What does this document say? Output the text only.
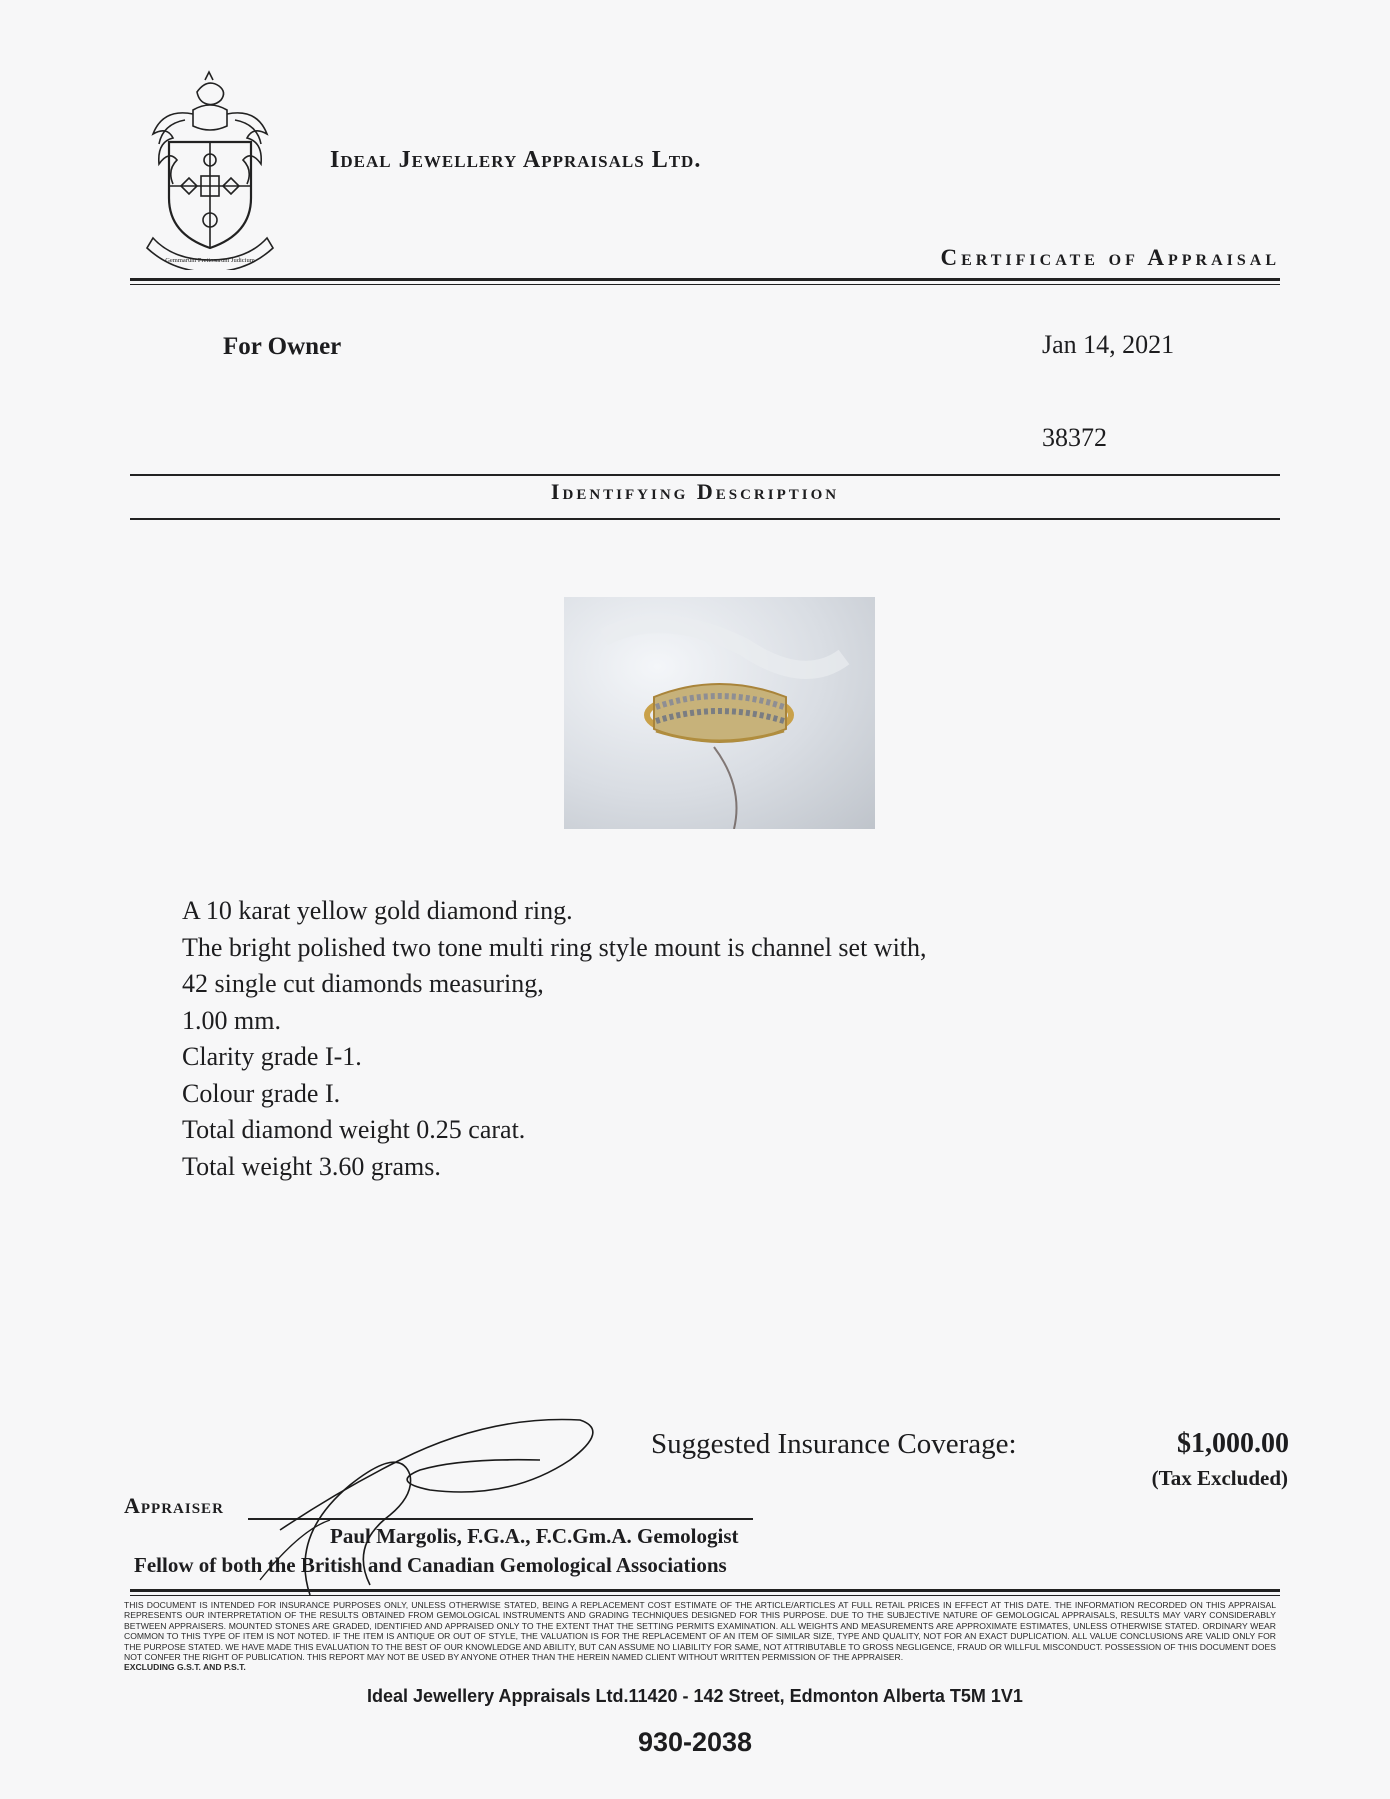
Gemmarum Pretiosarum Judicium
Ideal Jewellery Appraisals Ltd.
Certificate of Appraisal
For Owner	Jan 14, 2021
38372
Identifying Description
A 10 karat yellow gold diamond ring.
The bright polished two tone multi ring style mount is channel set with,
42 single cut diamonds measuring,
1.00 mm.
Clarity grade I-1.
Colour grade I.
Total diamond weight 0.25 carat.
Total weight 3.60 grams.
Suggested Insurance Coverage:	$1,000.00
(Tax Excluded)
Appraiser
Paul Margolis, F.G.A., F.C.Gm.A. Gemologist
Fellow of both the British and Canadian Gemological Associations
THIS DOCUMENT IS INTENDED FOR INSURANCE PURPOSES ONLY, UNLESS OTHERWISE STATED, BEING A REPLACEMENT COST ESTIMATE OF THE ARTICLE/ARTICLES AT FULL RETAIL PRICES IN EFFECT AT THIS DATE. THE INFORMATION RECORDED ON THIS APPRAISAL REPRESENTS OUR INTERPRETATION OF THE RESULTS OBTAINED FROM GEMOLOGICAL INSTRUMENTS AND GRADING TECHNIQUES DESIGNED FOR THIS PURPOSE. DUE TO THE SUBJECTIVE NATURE OF GEMOLOGICAL APPRAISALS, RESULTS MAY VARY CONSIDERABLY BETWEEN APPRAISERS. MOUNTED STONES ARE GRADED, IDENTIFIED AND APPRAISED ONLY TO THE EXTENT THAT THE SETTING PERMITS EXAMINATION. ALL WEIGHTS AND MEASUREMENTS ARE APPROXIMATE ESTIMATES, UNLESS OTHERWISE STATED. ORDINARY WEAR COMMON TO THIS TYPE OF ITEM IS NOT NOTED. IF THE ITEM IS ANTIQUE OR OUT OF STYLE, THE VALUATION IS FOR THE REPLACEMENT OF AN ITEM OF SIMILAR SIZE, TYPE AND QUALITY, NOT FOR AN EXACT DUPLICATION. ALL VALUE CONCLUSIONS ARE VALID ONLY FOR THE PURPOSE STATED. WE HAVE MADE THIS EVALUATION TO THE BEST OF OUR KNOWLEDGE AND ABILITY, BUT CAN ASSUME NO LIABILITY FOR SAME, NOT ATTRIBUTABLE TO GROSS NEGLIGENCE, FRAUD OR WILLFUL MISCONDUCT. POSSESSION OF THIS DOCUMENT DOES NOT CONFER THE RIGHT OF PUBLICATION. THIS REPORT MAY NOT BE USED BY ANYONE OTHER THAN THE HEREIN NAMED CLIENT WITHOUT WRITTEN PERMISSION OF THE APPRAISER.
EXCLUDING G.S.T. AND P.S.T.
Ideal Jewellery Appraisals Ltd.11420 - 142 Street, Edmonton Alberta T5M 1V1
930-2038
